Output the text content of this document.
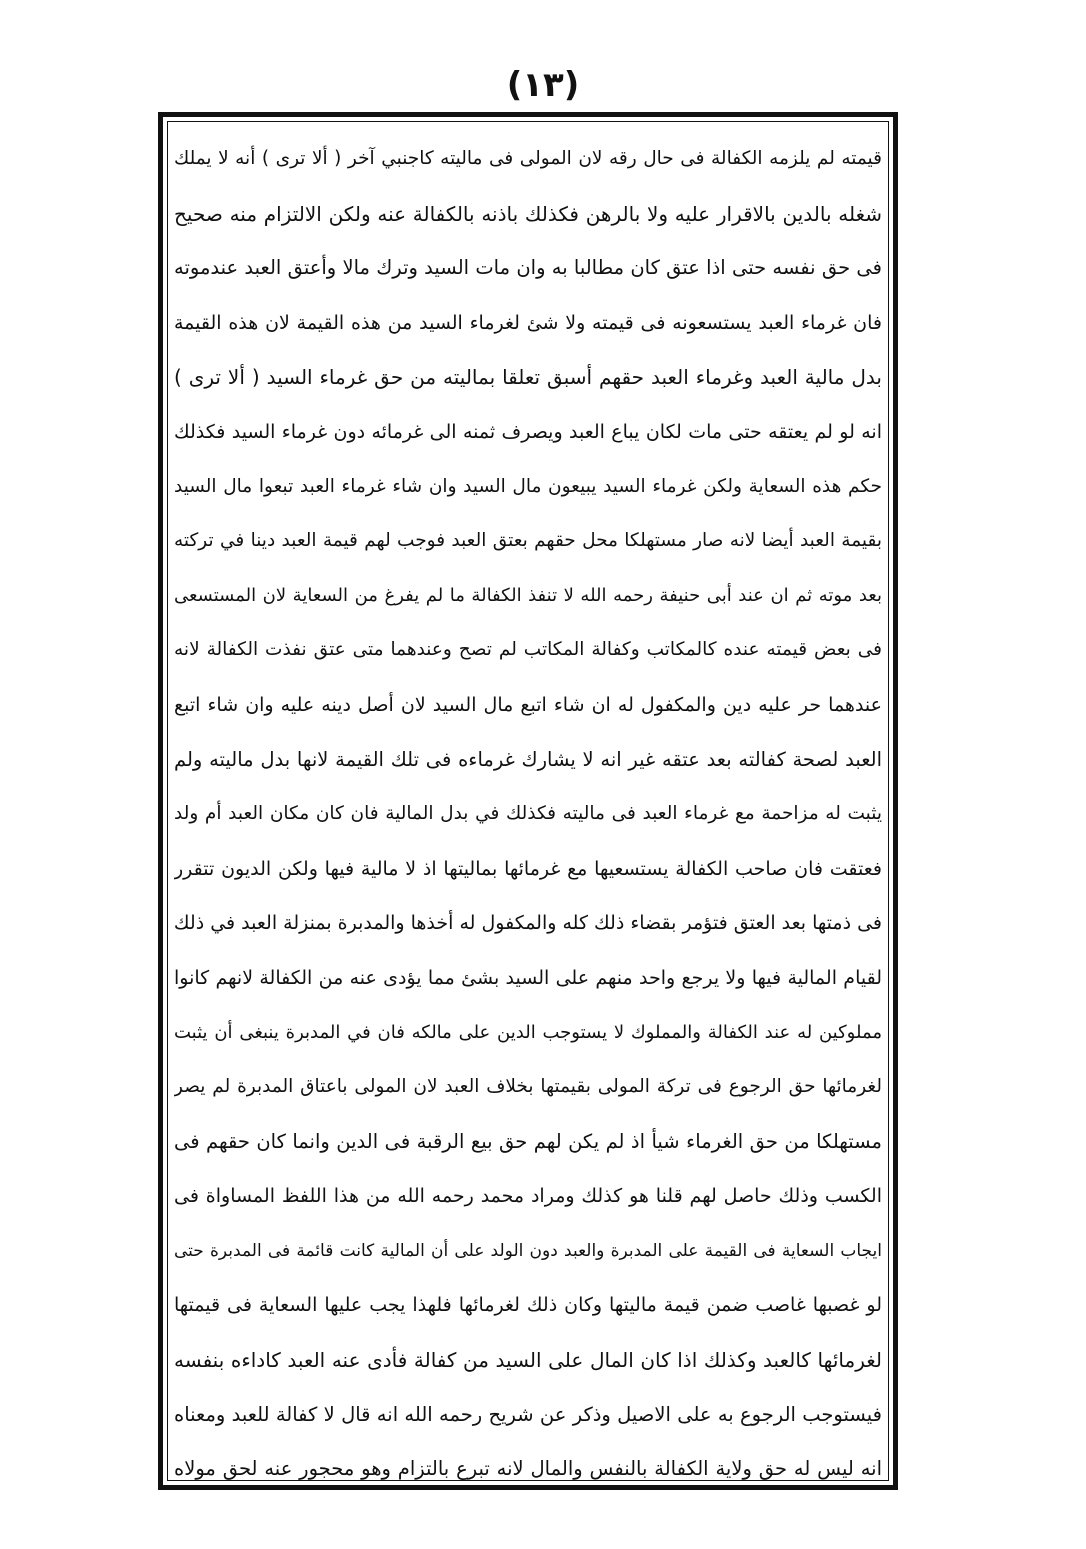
(١٣)
قيمته لم يلزمه الكفالة فى حال رقه لان المولى فى ماليته كاجنبي آخر ( ألا ترى ) أنه لا يملك
شغله بالدين بالاقرار عليه ولا بالرهن فكذلك باذنه بالكفالة عنه ولكن الالتزام منه صحيح
فى حق نفسه حتى اذا عتق كان مطالبا به وان مات السيد وترك مالا وأعتق العبد عندموته
فان غرماء العبد يستسعونه فى قيمته ولا شئ لغرماء السيد من هذه القيمة لان هذه القيمة
بدل مالية العبد وغرماء العبد حقهم أسبق تعلقا بماليته من حق غرماء السيد ( ألا ترى )
انه لو لم يعتقه حتى مات لكان يباع العبد ويصرف ثمنه الى غرمائه دون غرماء السيد فكذلك
حكم هذه السعاية ولكن غرماء السيد يبيعون مال السيد وان شاء غرماء العبد تبعوا مال السيد
بقيمة العبد أيضا لانه صار مستهلكا محل حقهم بعتق العبد فوجب لهم قيمة العبد دينا في تركته
بعد موته ثم ان عند أبى حنيفة رحمه الله لا تنفذ الكفالة ما لم يفرغ من السعاية لان المستسعى
فى بعض قيمته عنده كالمكاتب وكفالة المكاتب لم تصح وعندهما متى عتق نفذت الكفالة لانه
عندهما حر عليه دين والمكفول له ان شاء اتبع مال السيد لان أصل دينه عليه وان شاء اتبع
العبد لصحة كفالته بعد عتقه غير انه لا يشارك غرماءه فى تلك القيمة لانها بدل ماليته ولم
يثبت له مزاحمة مع غرماء العبد فى ماليته فكذلك في بدل المالية فان كان مكان العبد أم ولد
فعتقت فان صاحب الكفالة يستسعيها مع غرمائها بماليتها اذ لا مالية فيها ولكن الديون تتقرر
فى ذمتها بعد العتق فتؤمر بقضاء ذلك كله والمكفول له أخذها والمدبرة بمنزلة العبد في ذلك
لقيام المالية فيها ولا يرجع واحد منهم على السيد بشئ مما يؤدى عنه من الكفالة لانهم كانوا
مملوكين له عند الكفالة والمملوك لا يستوجب الدين على مالكه فان في المدبرة ينبغى أن يثبت
لغرمائها حق الرجوع فى تركة المولى بقيمتها بخلاف العبد لان المولى باعتاق المدبرة لم يصر
مستهلكا من حق الغرماء شيأ اذ لم يكن لهم حق بيع الرقبة فى الدين وانما كان حقهم فى
الكسب وذلك حاصل لهم قلنا هو كذلك ومراد محمد رحمه الله من هذا اللفظ المساواة فى
ايجاب السعاية فى القيمة على المدبرة والعبد دون الولد على أن المالية كانت قائمة فى المدبرة حتى
لو غصبها غاصب ضمن قيمة ماليتها وكان ذلك لغرمائها فلهذا يجب عليها السعاية فى قيمتها
لغرمائها كالعبد وكذلك اذا كان المال على السيد من كفالة فأدى عنه العبد كاداءه بنفسه
فيستوجب الرجوع به على الاصيل وذكر عن شريح رحمه الله انه قال لا كفالة للعبد ومعناه
انه ليس له حق ولاية الكفالة بالنفس والمال لانه تبرع بالتزام وهو محجور عنه لحق مولاه
